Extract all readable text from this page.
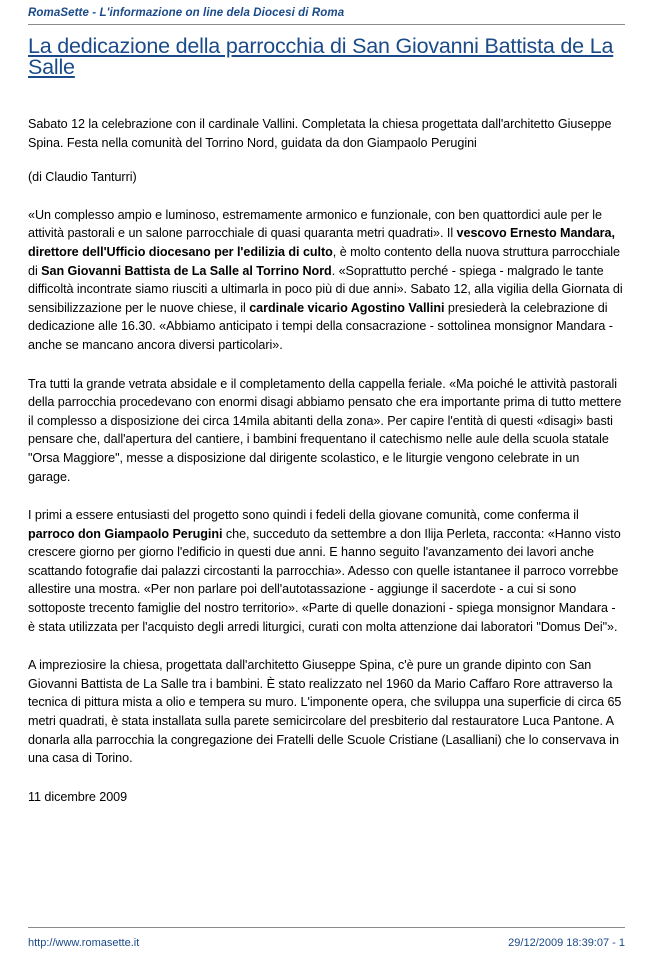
RomaSette - L'informazione on line dela Diocesi di Roma
La dedicazione della parrocchia di San Giovanni Battista de La Salle

Sabato 12 la celebrazione con il cardinale Vallini. Completata la chiesa progettata dall'architetto Giuseppe Spina. Festa nella comunità del Torrino Nord, guidata da don Giampaolo Perugini

(di Claudio Tanturri)

«Un complesso ampio e luminoso, estremamente armonico e funzionale, con ben quattordici aule per le attività pastorali e un salone parrocchiale di quasi quaranta metri quadrati». Il vescovo Ernesto Mandara, direttore dell'Ufficio diocesano per l'edilizia di culto, è molto contento della nuova struttura parrocchiale di San Giovanni Battista de La Salle al Torrino Nord. «Soprattutto perché - spiega - malgrado le tante difficoltà incontrate siamo riusciti a ultimarla in poco più di due anni». Sabato 12, alla vigilia della Giornata di sensibilizzazione per le nuove chiese, il cardinale vicario Agostino Vallini presiederà la celebrazione di dedicazione alle 16.30. «Abbiamo anticipato i tempi della consacrazione - sottolinea monsignor Mandara - anche se mancano ancora diversi particolari».

Tra tutti la grande vetrata absidale e il completamento della cappella feriale. «Ma poiché le attività pastorali della parrocchia procedevano con enormi disagi abbiamo pensato che era importante prima di tutto mettere il complesso a disposizione dei circa 14mila abitanti della zona». Per capire l'entità di questi «disagi» basti pensare che, dall'apertura del cantiere, i bambini frequentano il catechismo nelle aule della scuola statale "Orsa Maggiore", messe a disposizione dal dirigente scolastico, e le liturgie vengono celebrate in un garage.

I primi a essere entusiasti del progetto sono quindi i fedeli della giovane comunità, come conferma il parroco don Giampaolo Perugini che, succeduto da settembre a don Ilija Perleta, racconta: «Hanno visto crescere giorno per giorno l'edificio in questi due anni. E hanno seguito l'avanzamento dei lavori anche scattando fotografie dai palazzi circostanti la parrocchia». Adesso con quelle istantanee il parroco vorrebbe allestire una mostra. «Per non parlare poi dell'autotassazione - aggiunge il sacerdote - a cui si sono sottoposte trecento famiglie del nostro territorio». «Parte di quelle donazioni - spiega monsignor Mandara - è stata utilizzata per l'acquisto degli arredi liturgici, curati con molta attenzione dai laboratori "Domus Dei"».

A impreziosire la chiesa, progettata dall'architetto Giuseppe Spina, c'è pure un grande dipinto con San Giovanni Battista de La Salle tra i bambini. È stato realizzato nel 1960 da Mario Caffaro Rore attraverso la tecnica di pittura mista a olio e tempera su muro. L'imponente opera, che sviluppa una superficie di circa 65 metri quadrati, è stata installata sulla parete semicircolare del presbiterio dal restauratore Luca Pantone. A donarla alla parrocchia la congregazione dei Fratelli delle Scuole Cristiane (Lasalliani) che lo conservava in una casa di Torino.

11 dicembre 2009

http://www.romasette.it	29/12/2009 18:39:07 - 1
